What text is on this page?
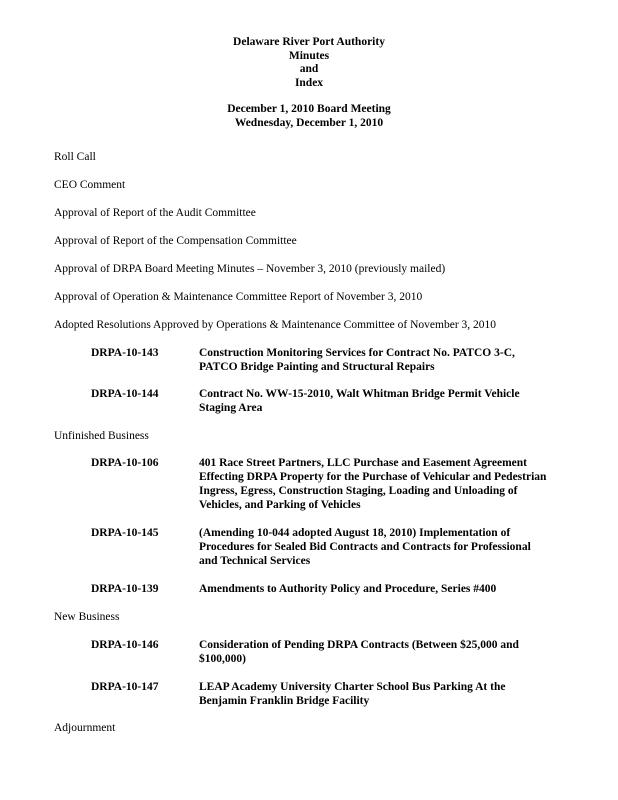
Delaware River Port Authority
Minutes
and
Index
December 1, 2010 Board Meeting
Wednesday, December 1, 2010
Roll Call
CEO Comment
Approval of Report of the Audit Committee
Approval of Report of the Compensation Committee
Approval of DRPA Board Meeting Minutes – November 3, 2010 (previously mailed)
Approval of Operation & Maintenance Committee Report of November 3, 2010
Adopted Resolutions Approved by Operations & Maintenance Committee of November 3, 2010
DRPA-10-143	Construction Monitoring Services for Contract No. PATCO 3-C, PATCO Bridge Painting and Structural Repairs
DRPA-10-144	Contract No. WW-15-2010, Walt Whitman Bridge Permit Vehicle Staging Area
Unfinished Business
DRPA-10-106	401 Race Street Partners, LLC Purchase and Easement Agreement Effecting DRPA Property for the Purchase of Vehicular and Pedestrian Ingress, Egress, Construction Staging, Loading and Unloading of Vehicles, and Parking of Vehicles
DRPA-10-145	(Amending 10-044 adopted August 18, 2010) Implementation of Procedures for Sealed Bid Contracts and Contracts for Professional and Technical Services
DRPA-10-139	Amendments to Authority Policy and Procedure, Series #400
New Business
DRPA-10-146	Consideration of Pending DRPA Contracts (Between $25,000 and $100,000)
DRPA-10-147	LEAP Academy University Charter School Bus Parking At the Benjamin Franklin Bridge Facility
Adjournment
